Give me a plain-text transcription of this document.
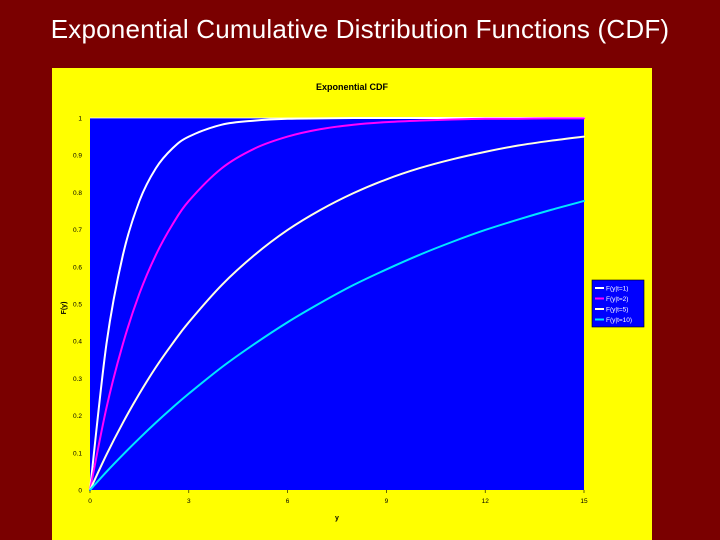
Exponential Cumulative Distribution Functions (CDF)
Exponential CDF
0
0.1
0.2
0.3
0.4
0.5
0.6
0.7
0.8
0.9
1
0	3	6	9	12	15
y
F(y)
F(y|t=1)
F(y|t=2)
F(y|t=5)
F(y|t=10)
